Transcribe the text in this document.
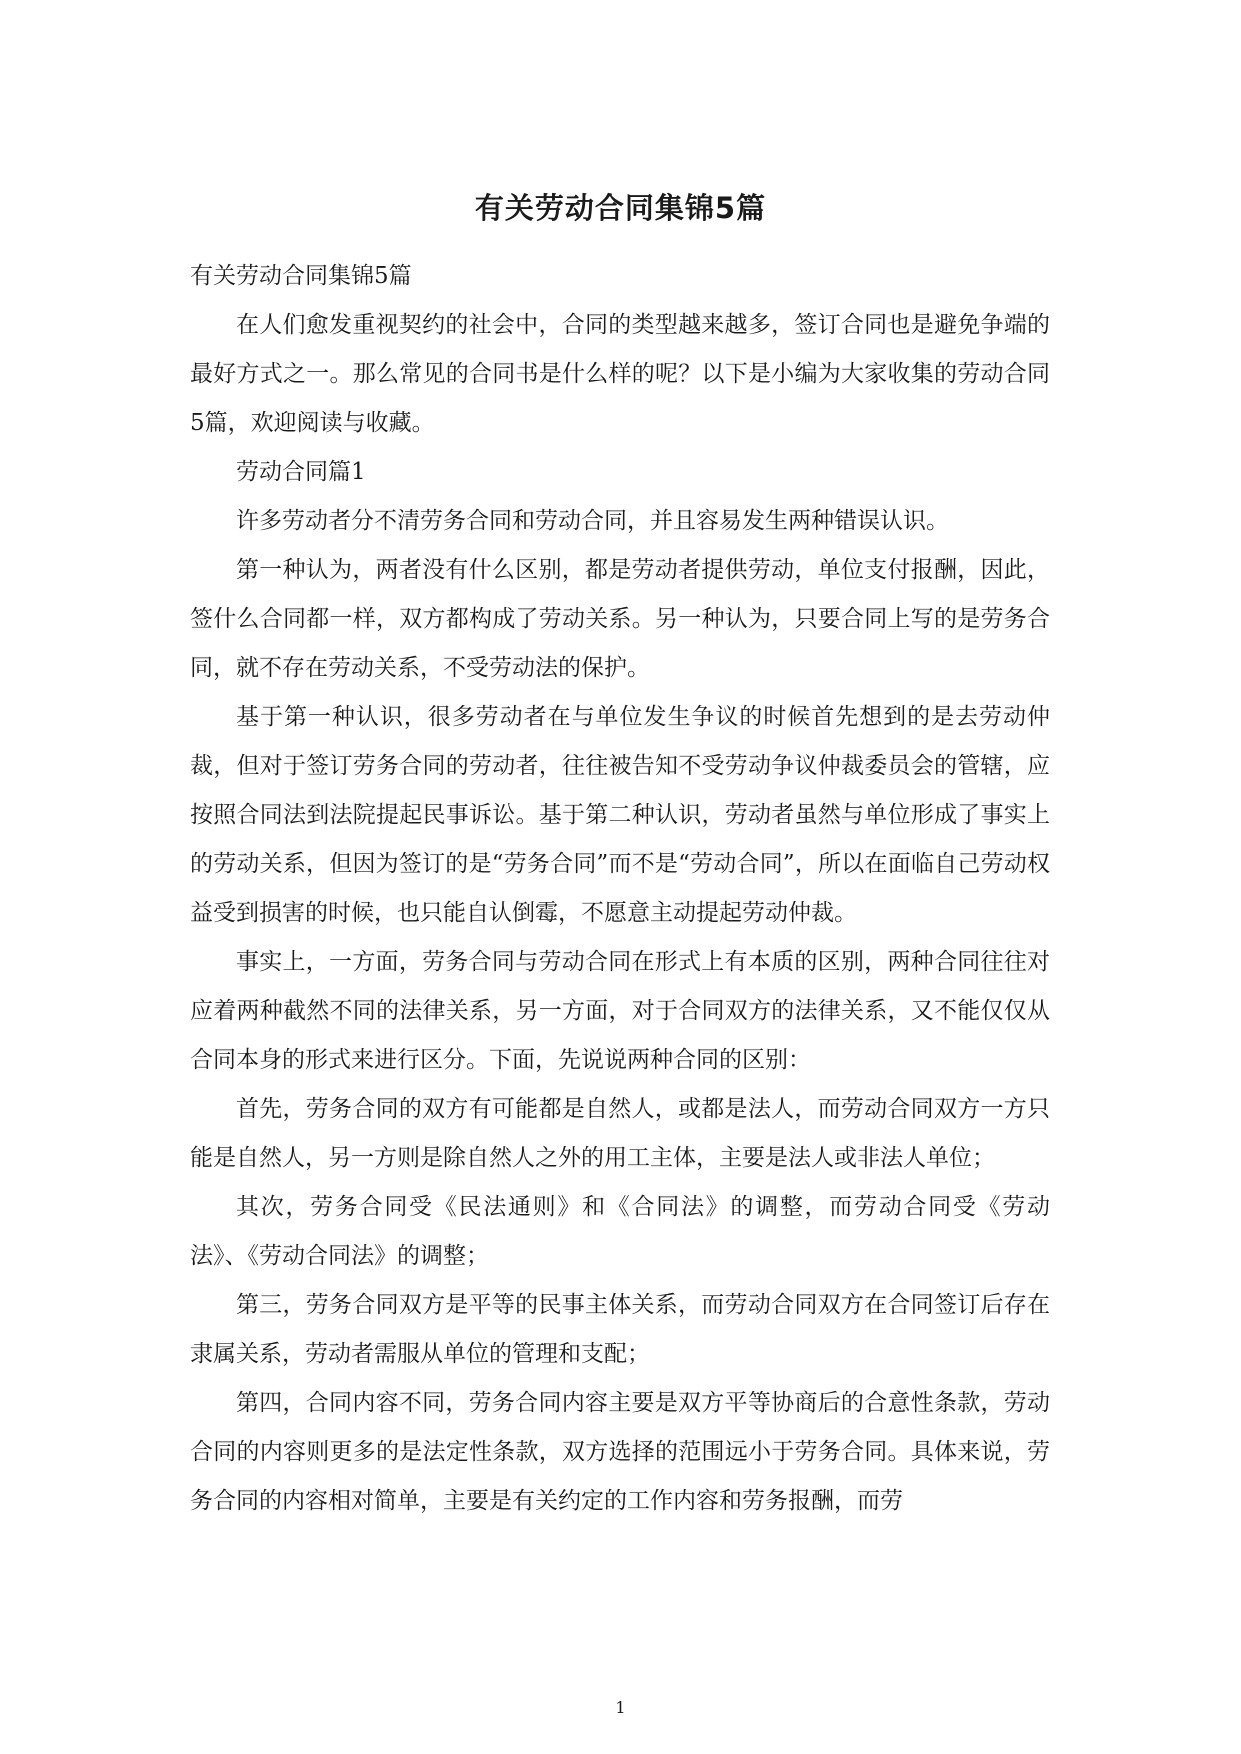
有关劳动合同集锦5篇

有关劳动合同集锦5篇

在人们愈发重视契约的社会中，合同的类型越来越多，签订合同也是避免争端的最好方式之一。那么常见的合同书是什么样的呢？以下是小编为大家收集的劳动合同5篇，欢迎阅读与收藏。

劳动合同篇1

许多劳动者分不清劳务合同和劳动合同，并且容易发生两种错误认识。

第一种认为，两者没有什么区别，都是劳动者提供劳动，单位支付报酬，因此，签什么合同都一样，双方都构成了劳动关系。另一种认为，只要合同上写的是劳务合同，就不存在劳动关系，不受劳动法的保护。

基于第一种认识，很多劳动者在与单位发生争议的时候首先想到的是去劳动仲裁，但对于签订劳务合同的劳动者，往往被告知不受劳动争议仲裁委员会的管辖，应按照合同法到法院提起民事诉讼。基于第二种认识，劳动者虽然与单位形成了事实上的劳动关系，但因为签订的是“劳务合同”而不是“劳动合同”，所以在面临自己劳动权益受到损害的时候，也只能自认倒霉，不愿意主动提起劳动仲裁。

事实上，一方面，劳务合同与劳动合同在形式上有本质的区别，两种合同往往对应着两种截然不同的法律关系，另一方面，对于合同双方的法律关系，又不能仅仅从合同本身的形式来进行区分。下面，先说说两种合同的区别：

首先，劳务合同的双方有可能都是自然人，或都是法人，而劳动合同双方一方只能是自然人，另一方则是除自然人之外的用工主体，主要是法人或非法人单位；

其次，劳务合同受《民法通则》和《合同法》的调整，而劳动合同受《劳动法》、《劳动合同法》的调整；

第三，劳务合同双方是平等的民事主体关系，而劳动合同双方在合同签订后存在隶属关系，劳动者需服从单位的管理和支配；

第四，合同内容不同，劳务合同内容主要是双方平等协商后的合意性条款，劳动合同的内容则更多的是法定性条款，双方选择的范围远小于劳务合同。具体来说，劳务合同的内容相对简单，主要是有关约定的工作内容和劳务报酬，而劳

1
